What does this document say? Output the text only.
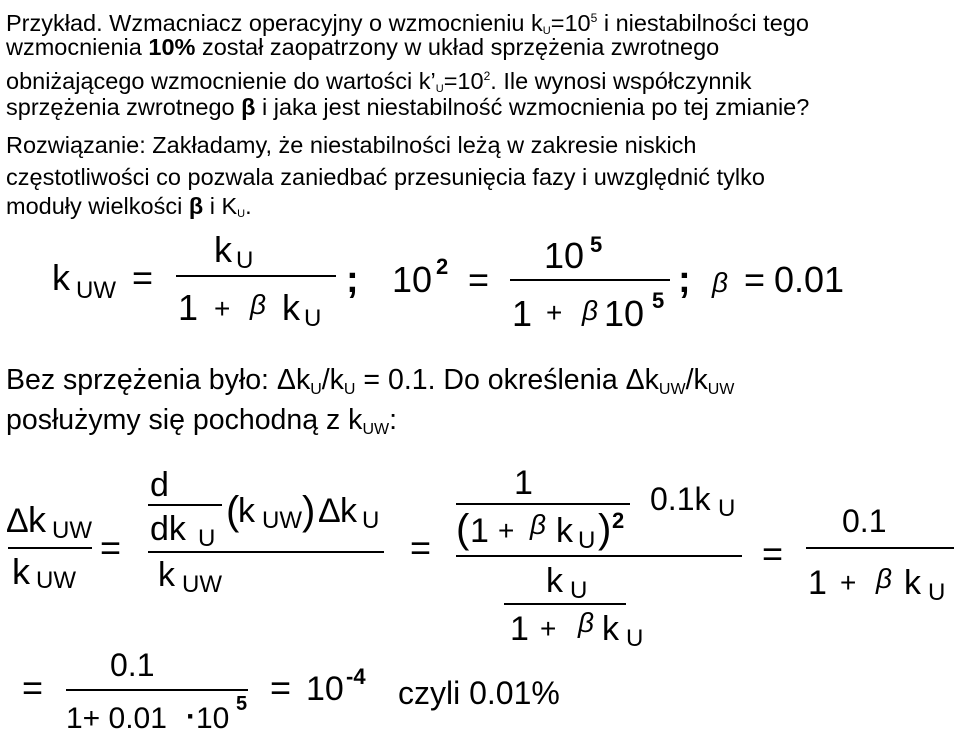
Przykład. Wzmacniacz operacyjny o wzmocnieniu $k_U=10^5$ i niestabilności tego
wzmocnienia 10% został zaopatrzony w układ sprzężenia zwrotnego
obniżającego wzmocnienie do wartości $k’_U=10^2$. Ile wynosi współczynnik
sprzężenia zwrotnego β i jaka jest niestabilność wzmocnienia po tej zmianie?
Rozwiązanie: Zakładamy, że niestabilności leżą w zakresie niskich
częstotliwości co pozwala zaniedbać przesunięcia fazy i uwzględnić tylko
moduły wielkości β i $K_U$.
k UW =
k U
1 + β k U
; 10 2 =
10 5
1 + β 10 5 ; β = 0.01
Bez sprzężenia było: $\Delta k_U/k_U = 0.1$. Do określenia $\Delta k_{UW}/k_{UW}$
posłużymy się pochodną z $k_{UW}$:
Δ k UW
k UW
=
d
dk U
(
k UW ) Δ k U
k UW
=
1
( 1 + β k U ) 2
0.1k U
k U
1 + β k U
=
0.1
1 + β k U
=
0.1
1+ 0.01 · 10 5 = 10 -4 czyli 0.01%
